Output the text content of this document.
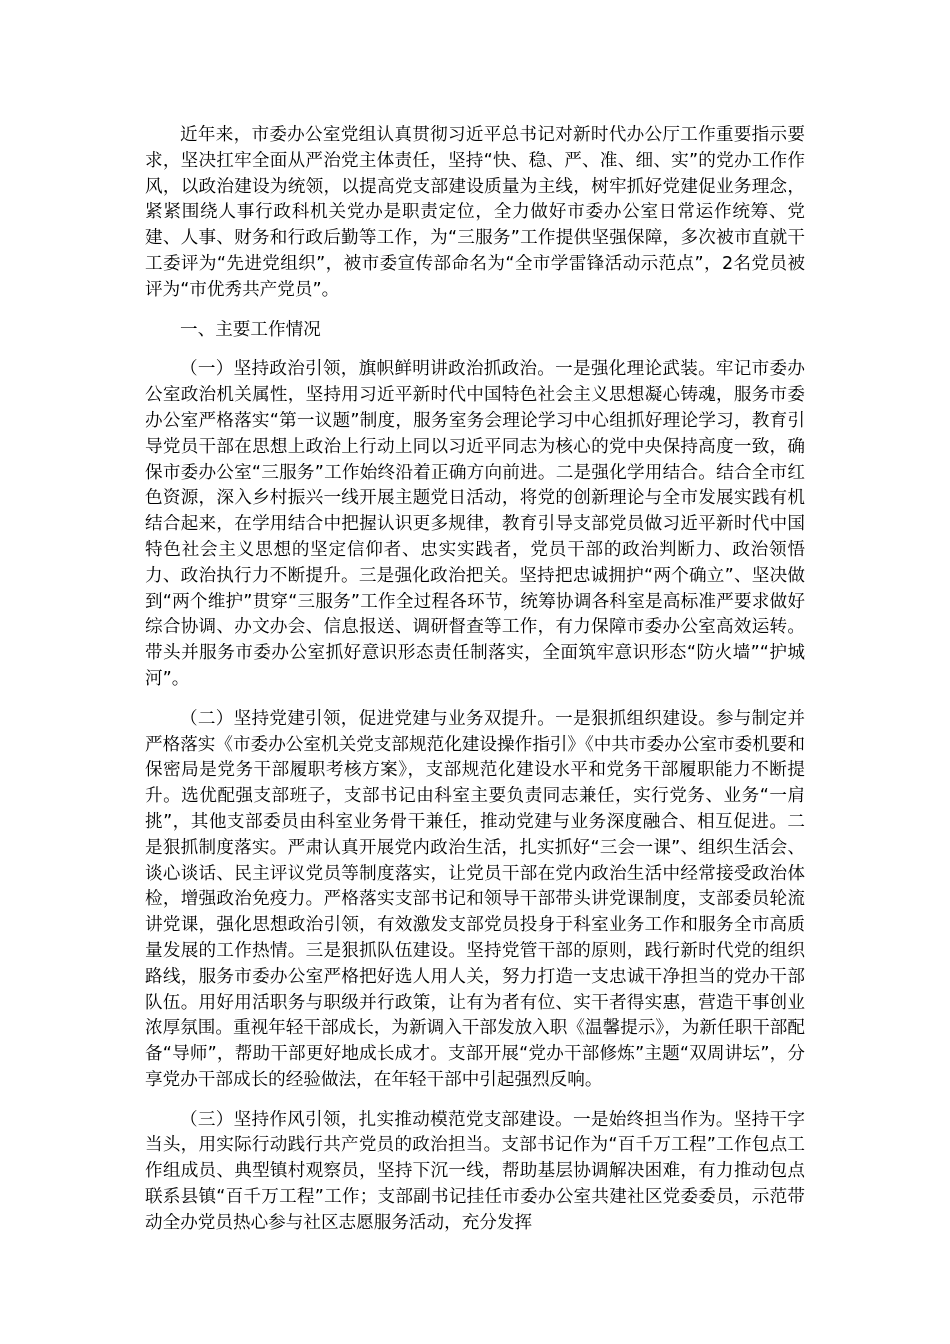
近年来，市委办公室党组认真贯彻习近平总书记对新时代办公厅工作重要指示要求，坚决扛牢全面从严治党主体责任，坚持“快、稳、严、准、细、实”的党办工作作风，以政治建设为统领，以提高党支部建设质量为主线，树牢抓好党建促业务理念，紧紧围绕人事行政科机关党办是职责定位，全力做好市委办公室日常运作统筹、党建、人事、财务和行政后勤等工作，为“三服务”工作提供坚强保障，多次被市直就干工委评为“先进党组织”，被市委宣传部命名为“全市学雷锋活动示范点”，2名党员被评为“市优秀共产党员”。

一、主要工作情况

（一）坚持政治引领，旗帜鲜明讲政治抓政治。一是强化理论武装。牢记市委办公室政治机关属性，坚持用习近平新时代中国特色社会主义思想凝心铸魂，服务市委办公室严格落实“第一议题”制度，服务室务会理论学习中心组抓好理论学习，教育引导党员干部在思想上政治上行动上同以习近平同志为核心的党中央保持高度一致，确保市委办公室“三服务”工作始终沿着正确方向前进。二是强化学用结合。结合全市红色资源，深入乡村振兴一线开展主题党日活动，将党的创新理论与全市发展实践有机结合起来，在学用结合中把握认识更多规律，教育引导支部党员做习近平新时代中国特色社会主义思想的坚定信仰者、忠实实践者，党员干部的政治判断力、政治领悟力、政治执行力不断提升。三是强化政治把关。坚持把忠诚拥护“两个确立”、坚决做到“两个维护”贯穿“三服务”工作全过程各环节，统筹协调各科室是高标准严要求做好综合协调、办文办会、信息报送、调研督查等工作，有力保障市委办公室高效运转。带头并服务市委办公室抓好意识形态责任制落实，全面筑牢意识形态“防火墙”“护城河”。

（二）坚持党建引领，促进党建与业务双提升。一是狠抓组织建设。参与制定并严格落实《市委办公室机关党支部规范化建设操作指引》《中共市委办公室市委机要和保密局是党务干部履职考核方案》，支部规范化建设水平和党务干部履职能力不断提升。选优配强支部班子，支部书记由科室主要负责同志兼任，实行党务、业务“一肩挑”，其他支部委员由科室业务骨干兼任，推动党建与业务深度融合、相互促进。二是狠抓制度落实。严肃认真开展党内政治生活，扎实抓好“三会一课”、组织生活会、谈心谈话、民主评议党员等制度落实，让党员干部在党内政治生活中经常接受政治体检，增强政治免疫力。严格落实支部书记和领导干部带头讲党课制度，支部委员轮流讲党课，强化思想政治引领，有效激发支部党员投身于科室业务工作和服务全市高质量发展的工作热情。三是狠抓队伍建设。坚持党管干部的原则，践行新时代党的组织路线，服务市委办公室严格把好选人用人关，努力打造一支忠诚干净担当的党办干部队伍。用好用活职务与职级并行政策，让有为者有位、实干者得实惠，营造干事创业浓厚氛围。重视年轻干部成长，为新调入干部发放入职《温馨提示》，为新任职干部配备“导师”，帮助干部更好地成长成才。支部开展“党办干部修炼”主题“双周讲坛”，分享党办干部成长的经验做法，在年轻干部中引起强烈反响。

（三）坚持作风引领，扎实推动模范党支部建设。一是始终担当作为。坚持干字当头，用实际行动践行共产党员的政治担当。支部书记作为“百千万工程”工作包点工作组成员、典型镇村观察员，坚持下沉一线，帮助基层协调解决困难，有力推动包点联系县镇“百千万工程”工作；支部副书记挂任市委办公室共建社区党委委员，示范带动全办党员热心参与社区志愿服务活动，充分发挥
